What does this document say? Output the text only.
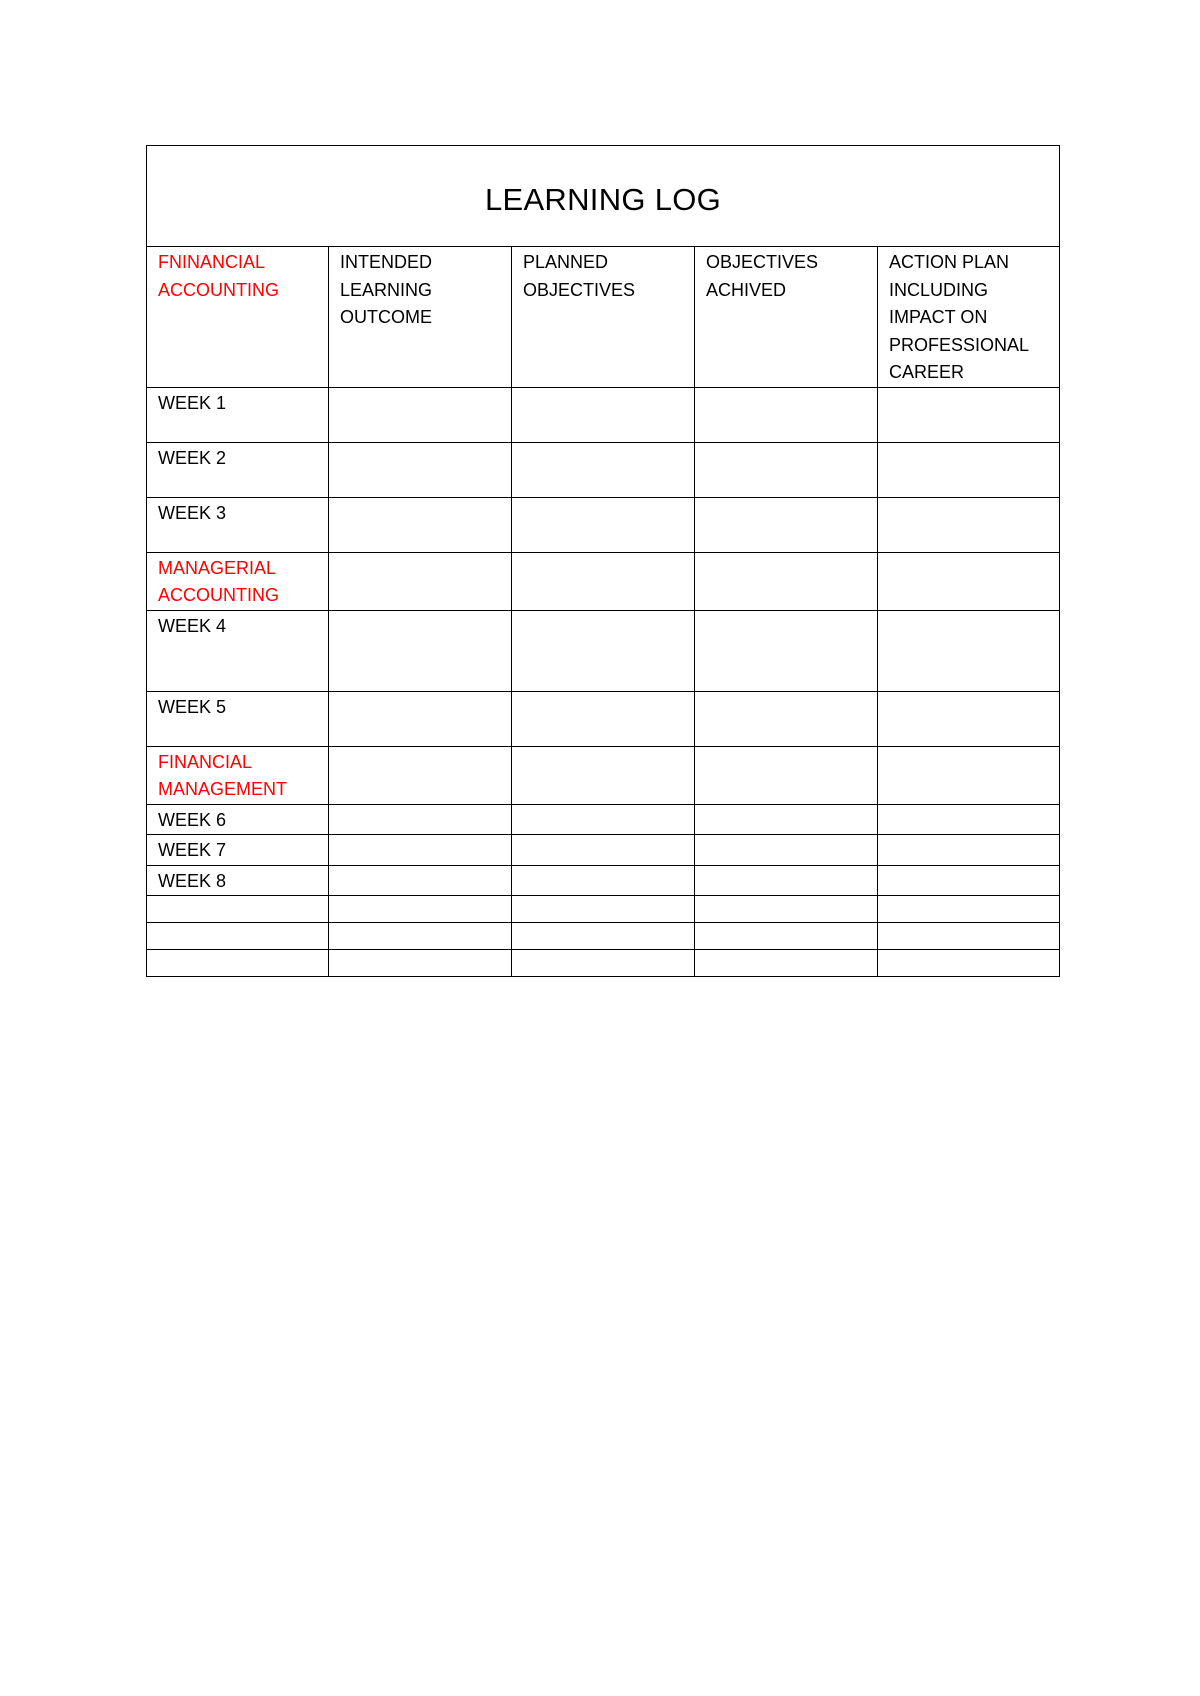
LEARNING LOG				

FNINANCIAL ACCOUNTING	INTENDED LEARNING OUTCOME	PLANNED OBJECTIVES	OBJECTIVES ACHIVED	ACTION PLAN INCLUDING IMPACT ON PROFESSIONAL CAREER

WEEK 1				

WEEK 2				

WEEK 3				

MANAGERIAL ACCOUNTING				

WEEK 4				

WEEK 5				

FINANCIAL MANAGEMENT				

WEEK 6				

WEEK 7				

WEEK 8				
